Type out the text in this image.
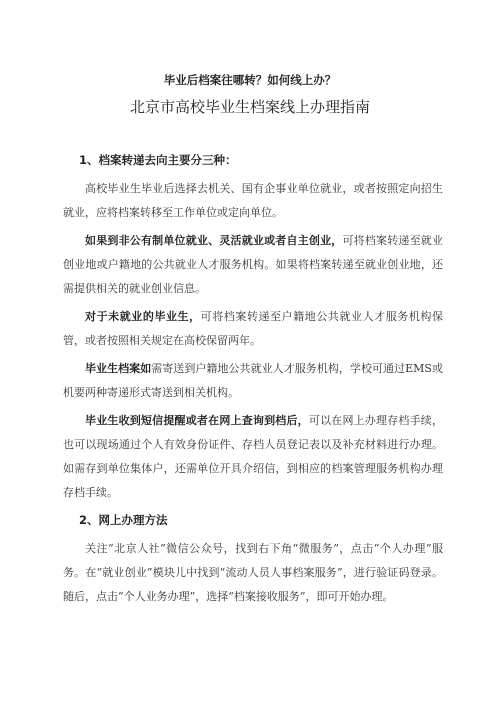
毕业后档案往哪转？如何线上办？
北京市高校毕业生档案线上办理指南
1、档案转递去向主要分三种：

高校毕业生毕业后选择去机关、国有企事业单位就业，或者按照定向招生就业，应将档案转移至工作单位或定向单位。

如果到非公有制单位就业、灵活就业或者自主创业，可将档案转递至就业创业地或户籍地的公共就业人才服务机构。如果将档案转递至就业创业地，还需提供相关的就业创业信息。

对于未就业的毕业生，可将档案转递至户籍地公共就业人才服务机构保管，或者按照相关规定在高校保留两年。

毕业生档案如需寄送到户籍地公共就业人才服务机构，学校可通过EMS或机要两种寄递形式寄送到相关机构。

毕业生收到短信提醒或者在网上查询到档后，可以在网上办理存档手续，也可以现场通过个人有效身份证件、存档人员登记表以及补充材料进行办理。如需存到单位集体户，还需单位开具介绍信，到相应的档案管理服务机构办理存档手续。

2、网上办理方法

关注“北京人社”微信公众号，找到右下角“微服务”，点击“个人办理”服务。在“就业创业”模块儿中找到“流动人员人事档案服务”，进行验证码登录。随后，点击“个人业务办理”，选择“档案接收服务”，即可开始办理。
